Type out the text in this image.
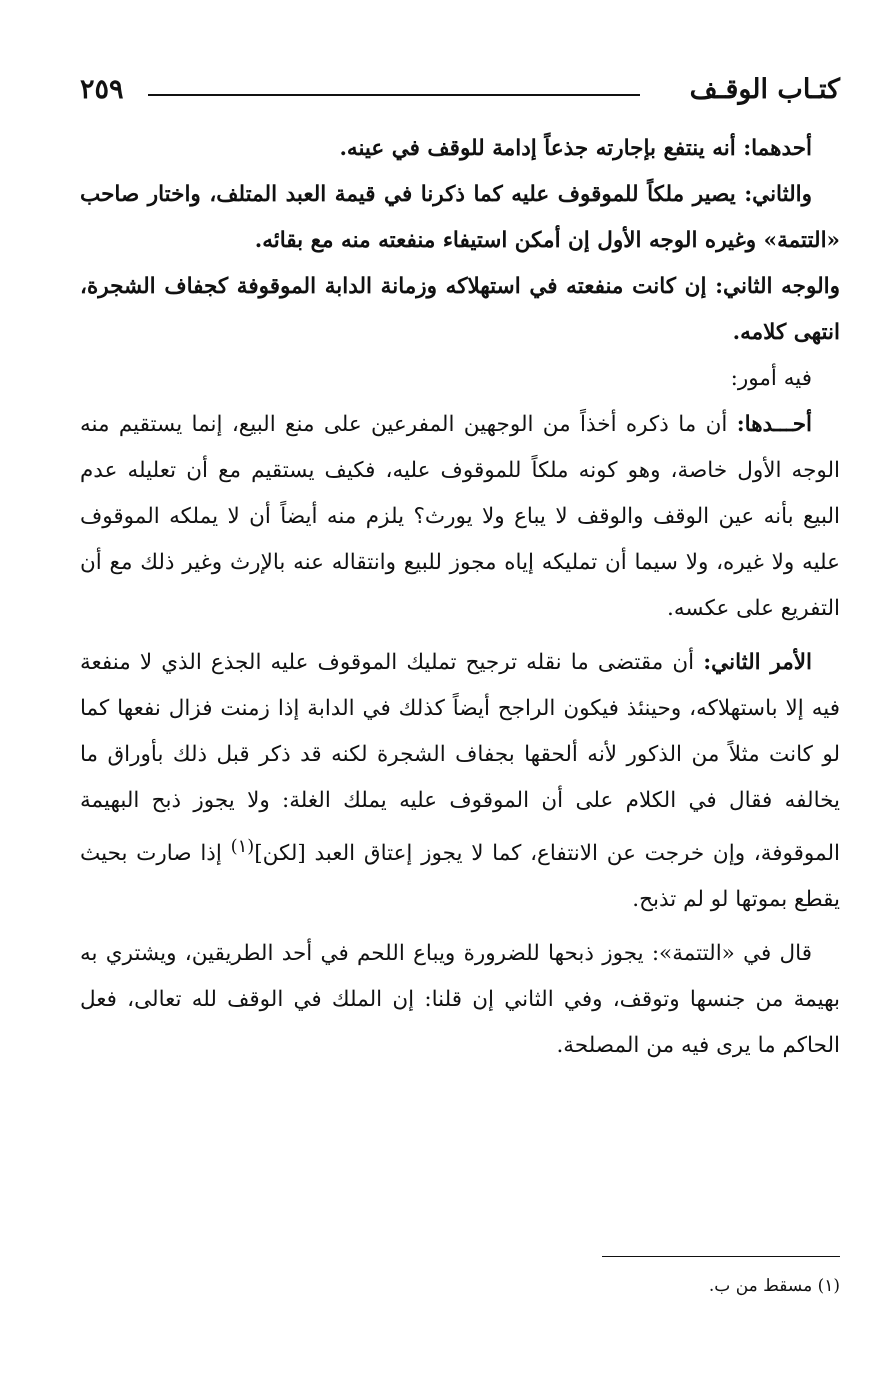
كتـاب الوقـف
٢٥٩

أحدهما: أنه ينتفع بإجارته جذعاً إدامة للوقف في عينه.

والثاني: يصير ملكاً للموقوف عليه كما ذكرنا في قيمة العبد المتلف، واختار صاحب «التتمة» وغيره الوجه الأول إن أمكن استيفاء منفعته منه مع بقائه.

والوجه الثاني: إن كانت منفعته في استهلاكه وزمانة الدابة الموقوفة كجفاف الشجرة، انتهى كلامه.

فيه أمور:

أحـــدها: أن ما ذكره أخذاً من الوجهين المفرعين على منع البيع، إنما يستقيم منه الوجه الأول خاصة، وهو كونه ملكاً للموقوف عليه، فكيف يستقيم مع أن تعليله عدم البيع بأنه عين الوقف والوقف لا يباع ولا يورث؟ يلزم منه أيضاً أن لا يملكه الموقوف عليه ولا غيره، ولا سيما أن تمليكه إياه مجوز للبيع وانتقاله عنه بالإرث وغير ذلك مع أن التفريع على عكسه.

الأمر الثاني: أن مقتضى ما نقله ترجيح تمليك الموقوف عليه الجذع الذي لا منفعة فيه إلا باستهلاكه، وحينئذ فيكون الراجح أيضاً كذلك في الدابة إذا زمنت فزال نفعها كما لو كانت مثلاً من الذكور لأنه ألحقها بجفاف الشجرة لكنه قد ذكر قبل ذلك بأوراق ما يخالفه فقال في الكلام على أن الموقوف عليه يملك الغلة: ولا يجوز ذبح البهيمة الموقوفة، وإن خرجت عن الانتفاع، كما لا يجوز إعتاق العبد [لكن]$^{(١)}$ إذا صارت بحيث يقطع بموتها لو لم تذبح.

قال في «التتمة»: يجوز ذبحها للضرورة ويباع اللحم في أحد الطريقين، ويشتري به بهيمة من جنسها وتوقف، وفي الثاني إن قلنا: إن الملك في الوقف لله تعالى، فعل الحاكم ما يرى فيه من المصلحة.

(١) مسقط من ب.
